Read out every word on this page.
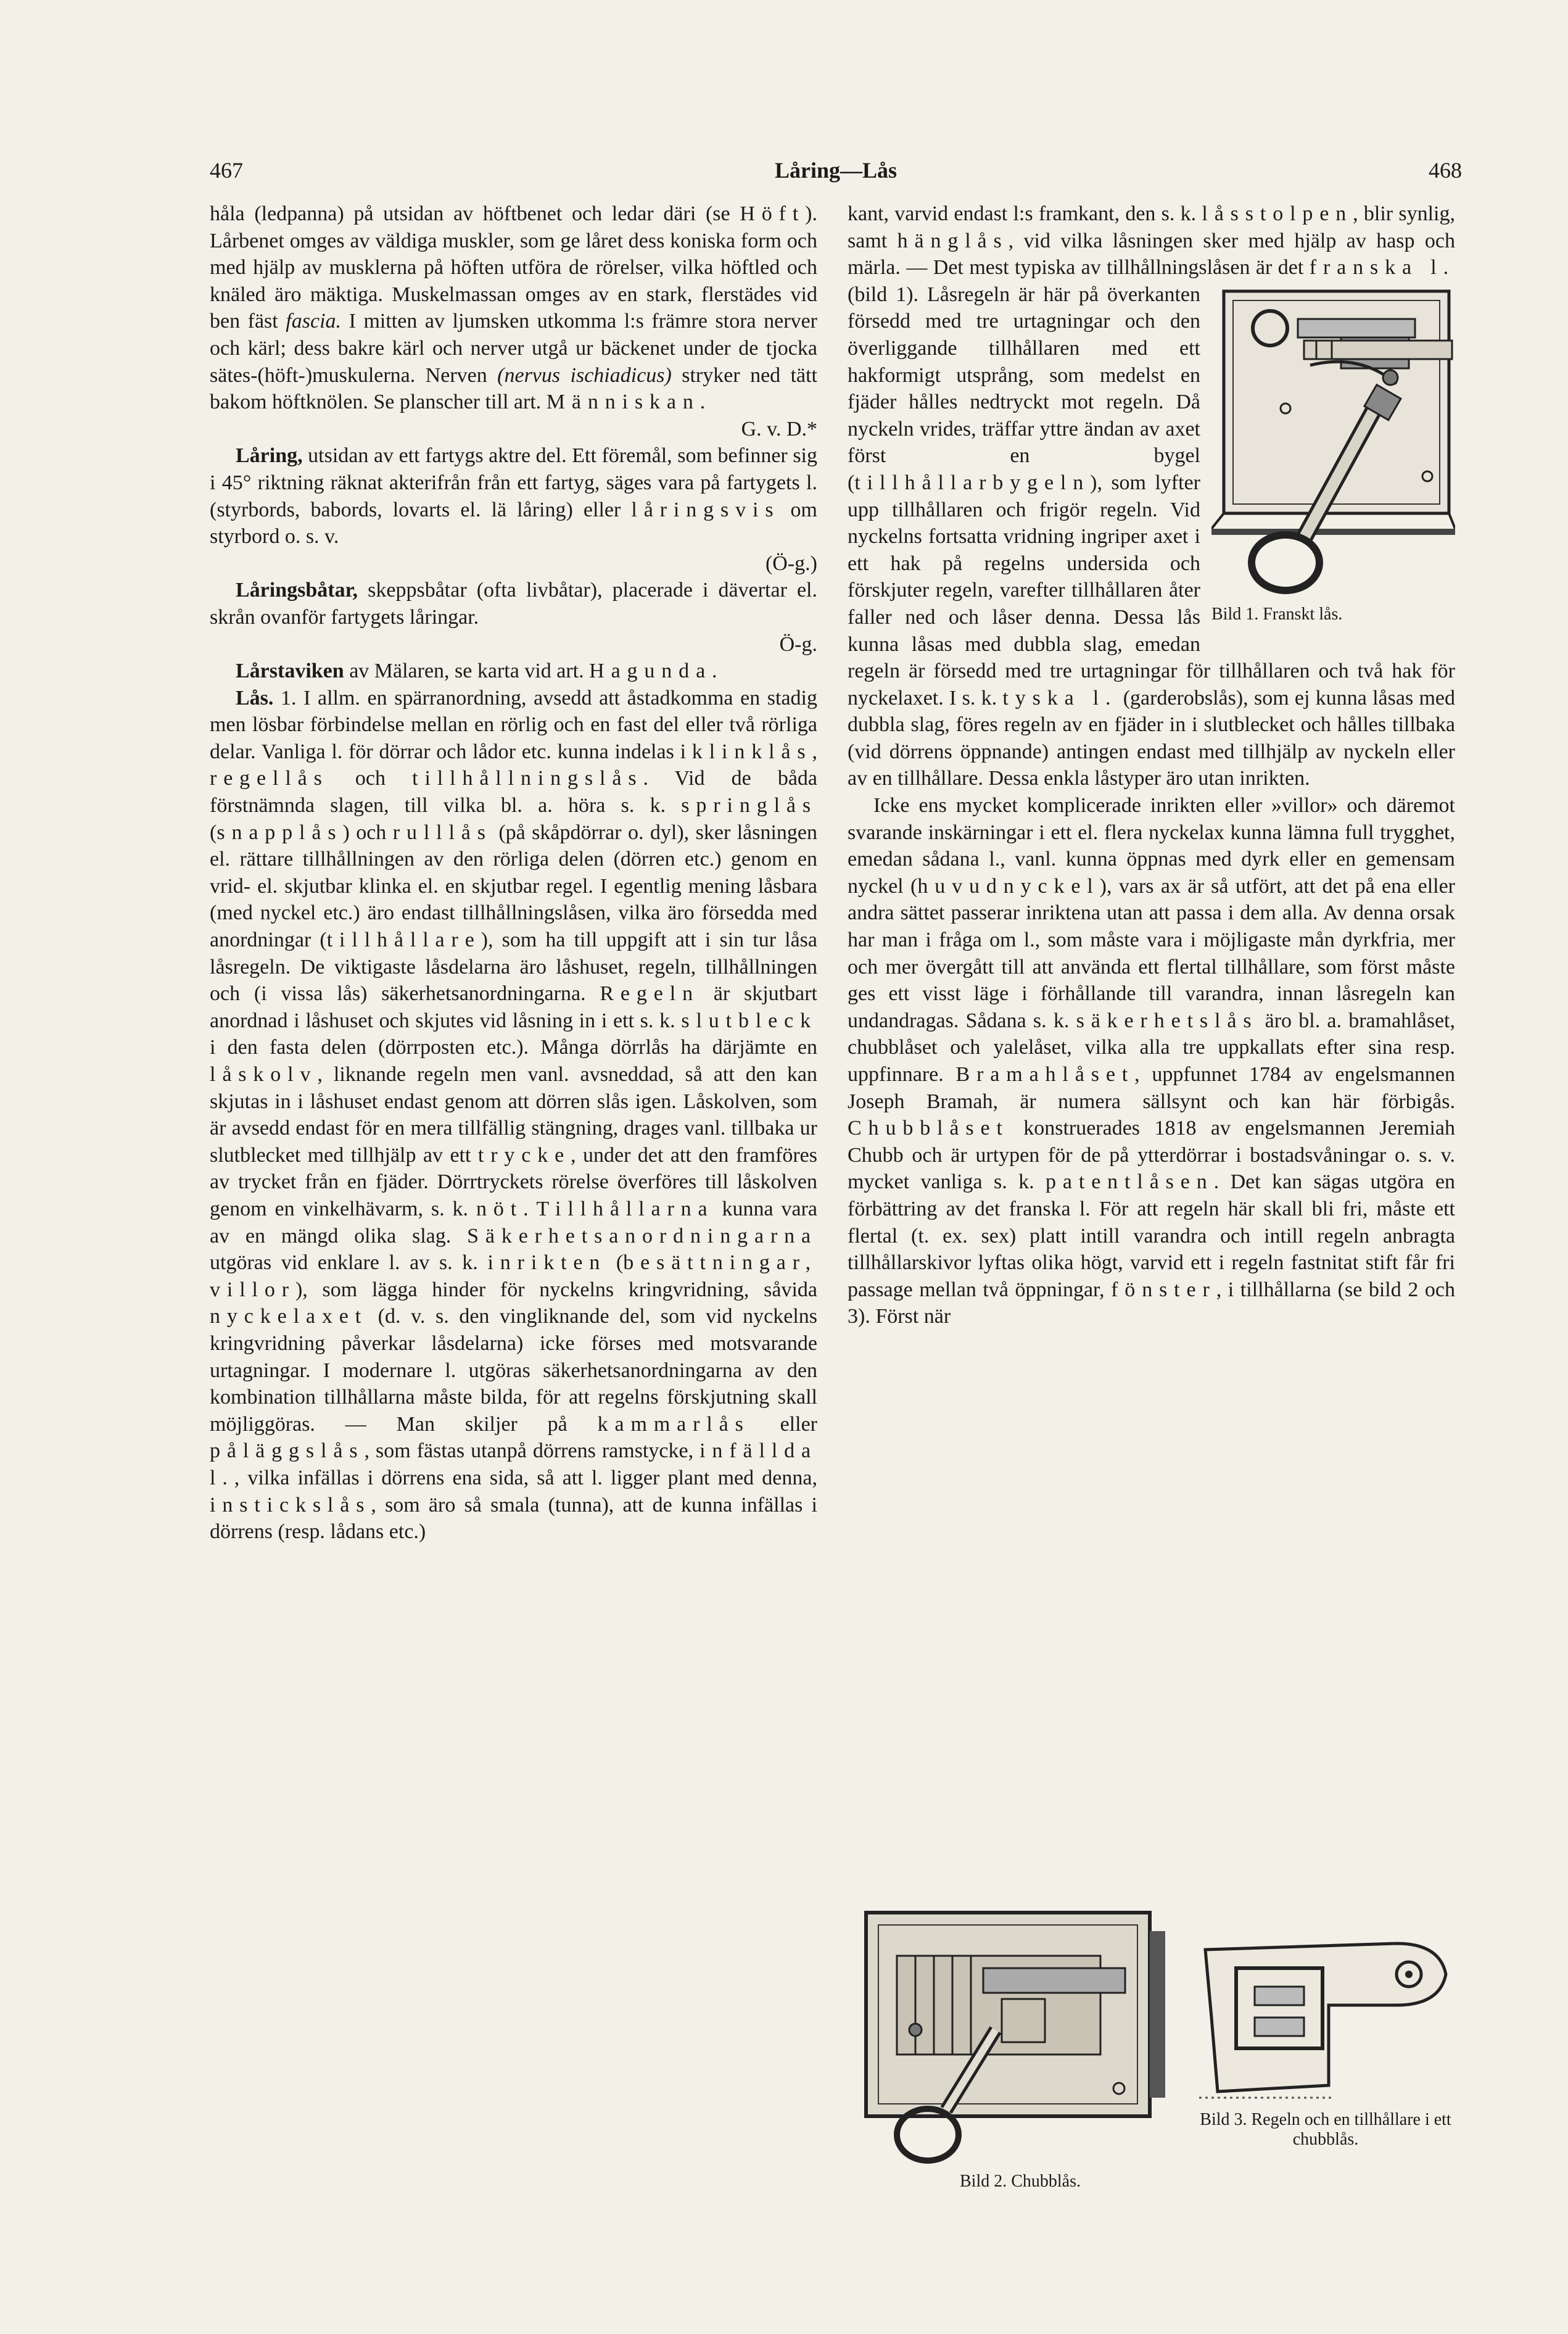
467	Låring—Lås	468

håla (ledpanna) på utsidan av höftbenet och ledar däri (se Höft). Lårbenet omges av väldiga muskler, som ge låret dess koniska form och med hjälp av musklerna på höften utföra de rörelser, vilka höftled och knäled äro mäktiga. Muskelmassan omges av en stark, flerstädes vid ben fäst fascia. I mitten av ljumsken utkomma l:s främre stora nerver och kärl; dess bakre kärl och nerver utgå ur bäckenet under de tjocka sätes-(höft-)muskulerna. Nerven (nervus ischiadicus) stryker ned tätt bakom höftknölen. Se planscher till art. Människan.
G. v. D.*

Låring, utsidan av ett fartygs aktre del. Ett föremål, som befinner sig i 45° riktning räknat akterifrån från ett fartyg, säges vara på fartygets l. (styrbords, babords, lovarts el. lä låring) eller låringsvis om styrbord o. s. v.
(Ö-g.)

Låringsbåtar, skeppsbåtar (ofta livbåtar), placerade i dävertar el. skrån ovanför fartygets låringar.
Ö-g.

Lårstaviken av Mälaren, se karta vid art. Hagunda.

Lås. 1. I allm. en spärranordning, avsedd att åstadkomma en stadig men lösbar förbindelse mellan en rörlig och en fast del eller två rörliga delar. Vanliga l. för dörrar och lådor etc. kunna indelas i klinklås, regellås och tillhållningslås. Vid de båda förstnämnda slagen, till vilka bl. a. höra s. k. springlås (snapplås) och rulllås (på skåpdörrar o. dyl), sker låsningen el. rättare tillhållningen av den rörliga delen (dörren etc.) genom en vrid- el. skjutbar klinka el. en skjutbar regel. I egentlig mening låsbara (med nyckel etc.) äro endast tillhållningslåsen, vilka äro försedda med anordningar (tillhållare), som ha till uppgift att i sin tur låsa låsregeln. De viktigaste låsdelarna äro låshuset, regeln, tillhållningen och (i vissa lås) säkerhetsanordningarna. Regeln är skjutbart anordnad i låshuset och skjutes vid låsning in i ett s. k. slutbleck i den fasta delen (dörrposten etc.). Många dörrlås ha därjämte en låskolv, liknande regeln men vanl. avsneddad, så att den kan skjutas in i låshuset endast genom att dörren slås igen. Låskolven, som är avsedd endast för en mera tillfällig stängning, drages vanl. tillbaka ur slutblecket med tillhjälp av ett trycke, under det att den framföres av trycket från en fjäder. Dörrtryckets rörelse överföres till låskolven genom en vinkelhävarm, s. k. nöt. Tillhållarna kunna vara av en mängd olika slag. Säkerhetsanordningarna utgöras vid enklare l. av s. k. inrikten (besättningar, villor), som lägga hinder för nyckelns kringvridning, såvida nyckelaxet (d. v. s. den vingliknande del, som vid nyckelns kringvridning påverkar låsdelarna) icke förses med motsvarande urtagningar. I modernare l. utgöras säkerhetsanordningarna av den kombination tillhållarna måste bilda, för att regelns förskjutning skall möjliggöras. — Man skiljer på kammarlås eller påläggslås, som fästas utanpå dörrens ramstycke, infällda l., vilka infällas i dörrens ena sida, så att l. ligger plant med denna, instickslås, som äro så smala (tunna), att de kunna infällas i dörrens (resp. lådans etc.)

kant, varvid endast l:s framkant, den s. k. låsstolpen, blir synlig, samt hänglås, vid vilka låsningen sker med hjälp av hasp och märla. — Det mest typiska av tillhållningslåsen är det
Bild 1. Franskt lås.
franska l. (bild 1). Låsregeln är här på överkanten försedd med tre urtagningar och den överliggande tillhållaren med ett hakformigt utsprång, som medelst en fjäder hålles nedtryckt mot regeln. Då nyckeln vrides, träffar yttre ändan av axet först en bygel (tillhållarbygeln), som lyfter upp tillhållaren och frigör regeln. Vid nyckelns fortsatta vridning ingriper axet i ett hak på regelns undersida och förskjuter regeln, varefter tillhållaren åter faller ned och låser denna. Dessa lås kunna låsas med dubbla slag, emedan regeln är försedd med tre urtagningar för tillhållaren och två hak för nyckelaxet. I s. k. tyska l. (garderobslås), som ej kunna låsas med dubbla slag, föres regeln av en fjäder in i slutblecket och hålles tillbaka (vid dörrens öppnande) antingen endast med tillhjälp av nyckeln eller av en tillhållare. Dessa enkla låstyper äro utan inrikten.

Icke ens mycket komplicerade inrikten eller »villor» och däremot svarande inskärningar i ett el. flera nyckelax kunna lämna full trygghet, emedan sådana l., vanl. kunna öppnas med dyrk eller en gemensam nyckel (huvudnyckel), vars ax är så utfört, att det på ena eller andra sättet passerar inriktena utan att passa i dem alla. Av denna orsak har man i fråga om l., som måste vara i möjligaste mån dyrkfria, mer och mer övergått till att använda ett flertal tillhållare, som först måste ges ett visst läge i förhållande till varandra, innan låsregeln kan undandragas. Sådana s. k. säkerhetslås äro bl. a. bramahlåset, chubblåset och yalelåset, vilka alla tre uppkallats efter sina resp. uppfinnare. Bramahlåset, uppfunnet 1784 av engelsmannen Joseph Bramah, är numera sällsynt och kan här förbigås. Chubblåset konstruerades 1818 av engelsmannen Jeremiah Chubb och är urtypen för de på ytterdörrar i bostadsvåningar o. s. v. mycket vanliga s. k. patentlåsen. Det kan sägas utgöra en förbättring av det franska l. För att regeln här skall bli fri, måste ett flertal (t. ex. sex) platt intill varandra och intill regeln anbragta tillhållarskivor lyftas olika högt, varvid ett i regeln fastnitat stift får fri passage mellan två öppningar, fönster, i tillhållarna (se bild 2 och 3). Först när

Bild 2. Chubblås.
Bild 3. Regeln och en tillhållare i ett chubblås.
